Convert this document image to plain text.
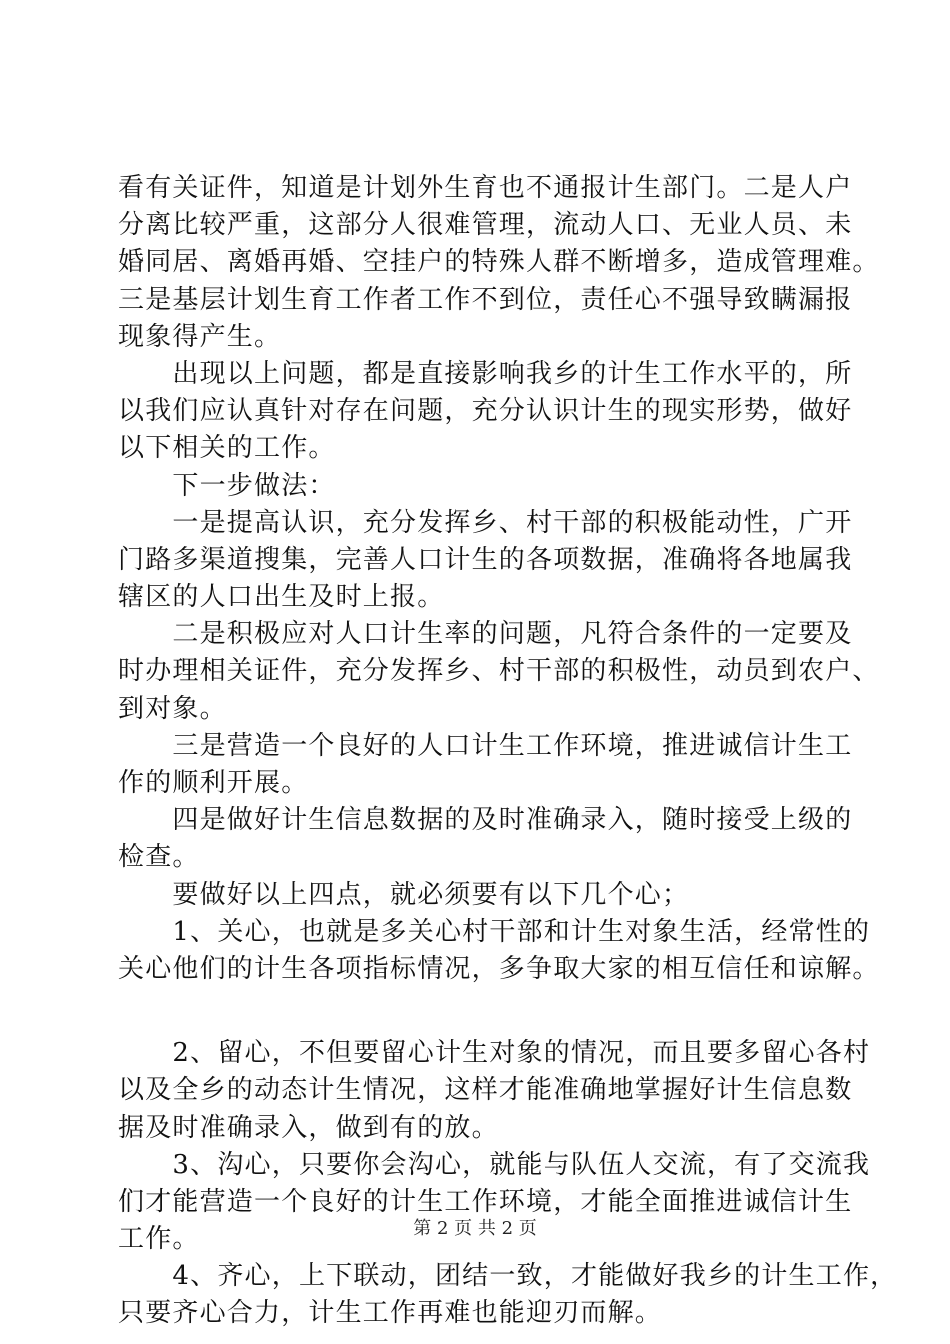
看有关证件，知道是计划外生育也不通报计生部门。二是人户
分离比较严重，这部分人很难管理，流动人口、无业人员、未
婚同居、离婚再婚、空挂户的特殊人群不断增多，造成管理难。
三是基层计划生育工作者工作不到位，责任心不强导致瞒漏报
现象得产生。
　　出现以上问题，都是直接影响我乡的计生工作水平的，所
以我们应认真针对存在问题，充分认识计生的现实形势，做好
以下相关的工作。
　　下一步做法：
　　一是提高认识，充分发挥乡、村干部的积极能动性，广开
门路多渠道搜集，完善人口计生的各项数据，准确将各地属我
辖区的人口出生及时上报。
　　二是积极应对人口计生率的问题，凡符合条件的一定要及
时办理相关证件，充分发挥乡、村干部的积极性，动员到农户、
到对象。
　　三是营造一个良好的人口计生工作环境，推进诚信计生工
作的顺利开展。
　　四是做好计生信息数据的及时准确录入，随时接受上级的
检查。
　　要做好以上四点，就必须要有以下几个心；
　　1、关心，也就是多关心村干部和计生对象生活，经常性的
关心他们的计生各项指标情况，多争取大家的相互信任和谅解。
　　2、留心，不但要留心计生对象的情况，而且要多留心各村
以及全乡的动态计生情况，这样才能准确地掌握好计生信息数
据及时准确录入，做到有的放。
　　3、沟心，只要你会沟心，就能与队伍人交流，有了交流我
们才能营造一个良好的计生工作环境，才能全面推进诚信计生
工作。
　　4、齐心，上下联动，团结一致，才能做好我乡的计生工作，
只要齐心合力，计生工作再难也能迎刃而解。
第 2 页 共 2 页
